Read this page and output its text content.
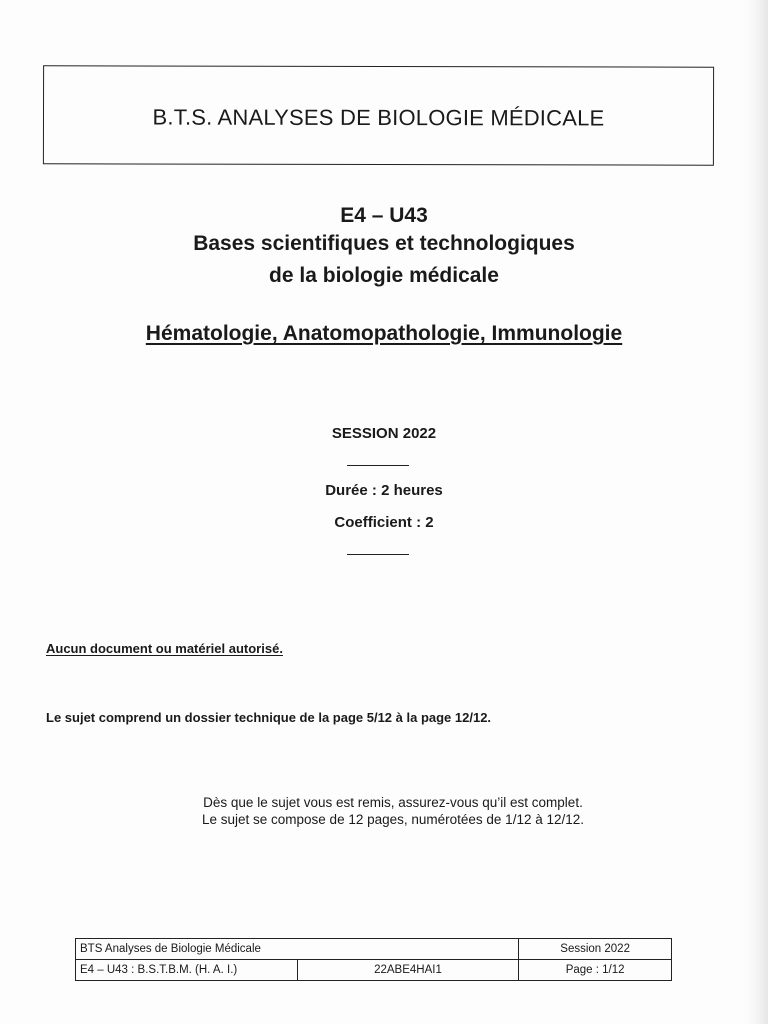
B.T.S. ANALYSES DE BIOLOGIE MÉDICALE
E4 – U43
Bases scientifiques et technologiques
de la biologie médicale
Hématologie, Anatomopathologie, Immunologie
SESSION 2022
Durée : 2 heures
Coefficient : 2
Aucun document ou matériel autorisé.
Le sujet comprend un dossier technique de la page 5/12 à la page 12/12.
Dès que le sujet vous est remis, assurez-vous qu’il est complet.
Le sujet se compose de 12 pages, numérotées de 1/12 à 12/12.
BTS Analyses de Biologie Médicale		Session 2022
E4 – U43 : B.S.T.B.M. (H. A. I.)	22ABE4HAI1	Page : 1/12
